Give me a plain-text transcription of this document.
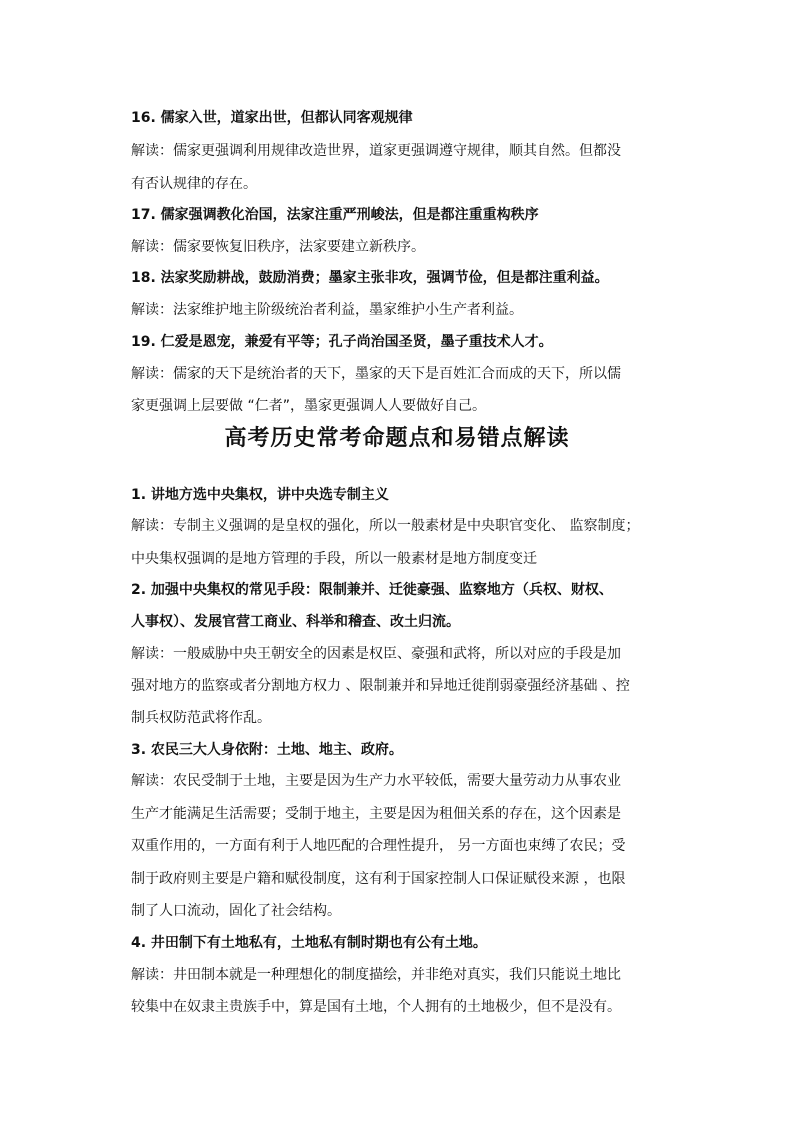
16. 儒家入世，道家出世，但都认同客观规律
解读：儒家更强调利用规律改造世界，道家更强调遵守规律，顺其自然。但都没
有否认规律的存在。
17. 儒家强调教化治国，法家注重严刑峻法，但是都注重重构秩序
解读：儒家要恢复旧秩序，法家要建立新秩序。
18. 法家奖励耕战，鼓励消费；墨家主张非攻，强调节俭，但是都注重利益。
解读：法家维护地主阶级统治者利益，墨家维护小生产者利益。
19. 仁爱是恩宠，兼爱有平等；孔子尚治国圣贤，墨子重技术人才。
解读：儒家的天下是统治者的天下，墨家的天下是百姓汇合而成的天下，所以儒
家更强调上层要做 “仁者”，墨家更强调人人要做好自己。
高考历史常考命题点和易错点解读
1. 讲地方选中央集权，讲中央选专制主义
解读：专制主义强调的是皇权的强化，所以一般素材是中央职官变化、 监察制度；
中央集权强调的是地方管理的手段，所以一般素材是地方制度变迁
2. 加强中央集权的常见手段：限制兼并、迁徙豪强、监察地方（兵权、财权、
人事权）、发展官营工商业、科举和稽查、改土归流。
解读：一般威胁中央王朝安全的因素是权臣、豪强和武将，所以对应的手段是加
强对地方的监察或者分割地方权力 、限制兼并和异地迁徙削弱豪强经济基础 、控
制兵权防范武将作乱。
3. 农民三大人身依附：土地、地主、政府。
解读：农民受制于土地，主要是因为生产力水平较低，需要大量劳动力从事农业
生产才能满足生活需要；受制于地主，主要是因为租佃关系的存在，这个因素是
双重作用的，一方面有利于人地匹配的合理性提升， 另一方面也束缚了农民；受
制于政府则主要是户籍和赋役制度，这有利于国家控制人口保证赋役来源 ，也限
制了人口流动，固化了社会结构。
4. 井田制下有土地私有，土地私有制时期也有公有土地。
解读：井田制本就是一种理想化的制度描绘，并非绝对真实，我们只能说土地比
较集中在奴隶主贵族手中，算是国有土地，个人拥有的土地极少，但不是没有。
